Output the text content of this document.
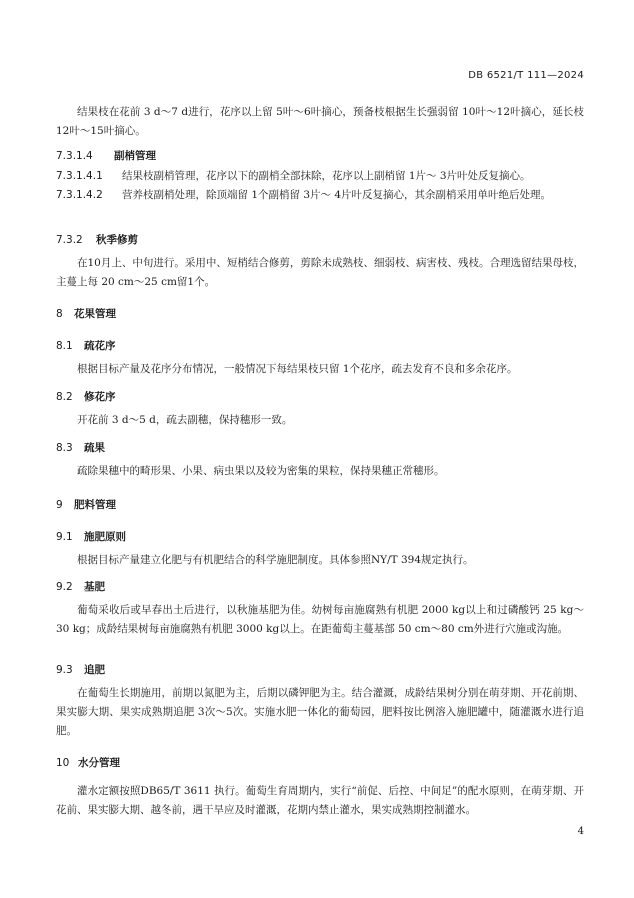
DB 6521/T 111—2024
结果枝在花前 3 d～7 d进行，花序以上留 5叶～6叶摘心，预备枝根据生长强弱留 10叶～12叶摘心，延长枝12叶～15叶摘心。
7.3.1.4 副梢管理
7.3.1.4.1 结果枝副梢管理，花序以下的副梢全部抹除，花序以上副梢留 1片～ 3片叶处反复摘心。
7.3.1.4.2 营养枝副梢处理，除顶端留 1个副梢留 3片～ 4片叶反复摘心，其余副梢采用单叶绝后处理。
7.3.2 秋季修剪
在10月上、中旬进行。采用中、短梢结合修剪，剪除未成熟枝、细弱枝、病害枝、残枝。合理选留结果母枝，主蔓上每 20 cm～25 cm留1个。
8 花果管理
8.1 疏花序
根据目标产量及花序分布情况，一般情况下每结果枝只留 1个花序，疏去发育不良和多余花序。
8.2 修花序
开花前 3 d～5 d，疏去副穗，保持穗形一致。
8.3 疏果
疏除果穗中的畸形果、小果、病虫果以及较为密集的果粒，保持果穗正常穗形。
9 肥料管理
9.1 施肥原则
根据目标产量建立化肥与有机肥结合的科学施肥制度。具体参照NY/T 394规定执行。
9.2 基肥
葡萄采收后或早春出土后进行，以秋施基肥为佳。幼树每亩施腐熟有机肥 2000 kg以上和过磷酸钙 25 kg～30 kg；成龄结果树每亩施腐熟有机肥 3000 kg以上。在距葡萄主蔓基部 50 cm～80 cm外进行穴施或沟施。
9.3 追肥
在葡萄生长期施用，前期以氮肥为主，后期以磷钾肥为主。结合灌溉，成龄结果树分别在萌芽期、开花前期、果实膨大期、果实成熟期追肥 3次～5次。实施水肥一体化的葡萄园，肥料按比例溶入施肥罐中，随灌溉水进行追肥。
10 水分管理
灌水定额按照DB65/T 3611 执行。葡萄生育周期内，实行“前促、后控、中间足”的配水原则，在萌芽期、开花前、果实膨大期、越冬前，遇干旱应及时灌溉，花期内禁止灌水，果实成熟期控制灌水。
4
